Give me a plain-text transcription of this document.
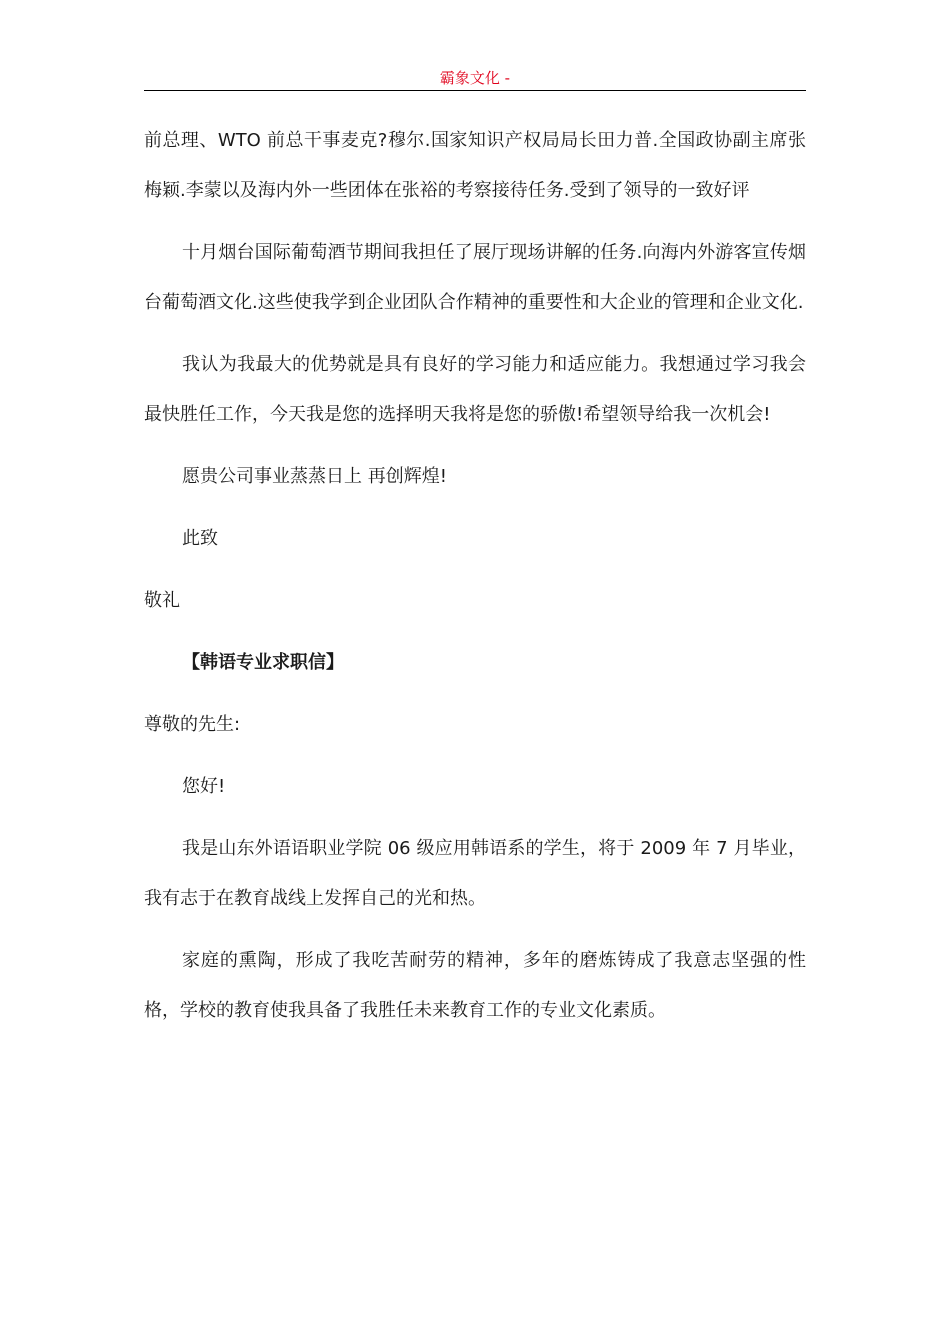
霸象文化 -

前总理、WTO 前总干事麦克?穆尔.国家知识产权局局长田力普.全国政协副主席张梅颖.李蒙以及海内外一些团体在张裕的考察接待任务.受到了领导的一致好评

十月烟台国际葡萄酒节期间我担任了展厅现场讲解的任务.向海内外游客宣传烟台葡萄酒文化.这些使我学到企业团队合作精神的重要性和大企业的管理和企业文化.

我认为我最大的优势就是具有良好的学习能力和适应能力。我想通过学习我会最快胜任工作，今天我是您的选择明天我将是您的骄傲!希望领导给我一次机会!

愿贵公司事业蒸蒸日上 再创辉煌!

此致

敬礼

【韩语专业求职信】

尊敬的先生:

您好!

我是山东外语语职业学院 06 级应用韩语系的学生，将于 2009 年 7 月毕业，我有志于在教育战线上发挥自己的光和热。

家庭的熏陶，形成了我吃苦耐劳的精神，多年的磨炼铸成了我意志坚强的性格，学校的教育使我具备了我胜任未来教育工作的专业文化素质。
